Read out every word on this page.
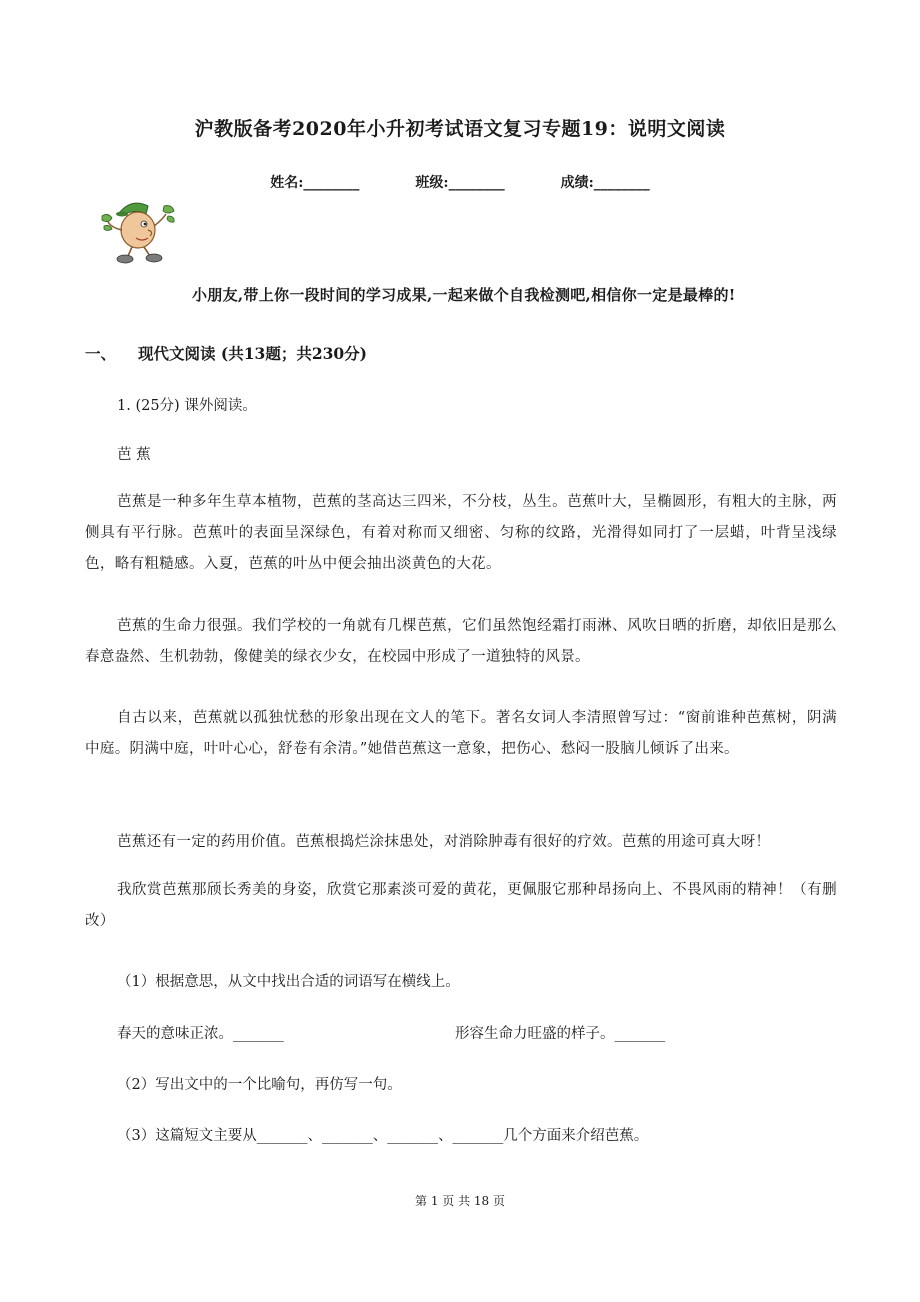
沪教版备考2020年小升初考试语文复习专题19：说明文阅读
姓名:________	班级:________	成绩:________
小朋友,带上你一段时间的学习成果,一起来做个自我检测吧,相信你一定是最棒的!
一、 现代文阅读 (共13题；共230分)
1. (25分) 课外阅读。
芭 蕉
芭蕉是一种多年生草本植物，芭蕉的茎高达三四米，不分枝，丛生。芭蕉叶大，呈椭圆形，有粗大的主脉，两侧具有平行脉。芭蕉叶的表面呈深绿色，有着对称而又细密、匀称的纹路，光滑得如同打了一层蜡，叶背呈浅绿色，略有粗糙感。入夏，芭蕉的叶丛中便会抽出淡黄色的大花。
芭蕉的生命力很强。我们学校的一角就有几棵芭蕉，它们虽然饱经霜打雨淋、风吹日晒的折磨，却依旧是那么春意盎然、生机勃勃，像健美的绿衣少女，在校园中形成了一道独特的风景。
自古以来，芭蕉就以孤独忧愁的形象出现在文人的笔下。著名女词人李清照曾写过：“窗前谁种芭蕉树，阴满中庭。阴满中庭，叶叶心心，舒卷有余清。”她借芭蕉这一意象，把伤心、愁闷一股脑儿倾诉了出来。
芭蕉还有一定的药用价值。芭蕉根捣烂涂抹患处，对消除肿毒有很好的疗效。芭蕉的用途可真大呀！
我欣赏芭蕉那颀长秀美的身姿，欣赏它那素淡可爱的黄花，更佩服它那种昂扬向上、不畏风雨的精神！（有删改）
（1）根据意思，从文中找出合适的词语写在横线上。
春天的意味正浓。_______	形容生命力旺盛的样子。_______
（2）写出文中的一个比喻句，再仿写一句。
（3）这篇短文主要从_______、_______、_______、_______几个方面来介绍芭蕉。
第 1 页 共 18 页
